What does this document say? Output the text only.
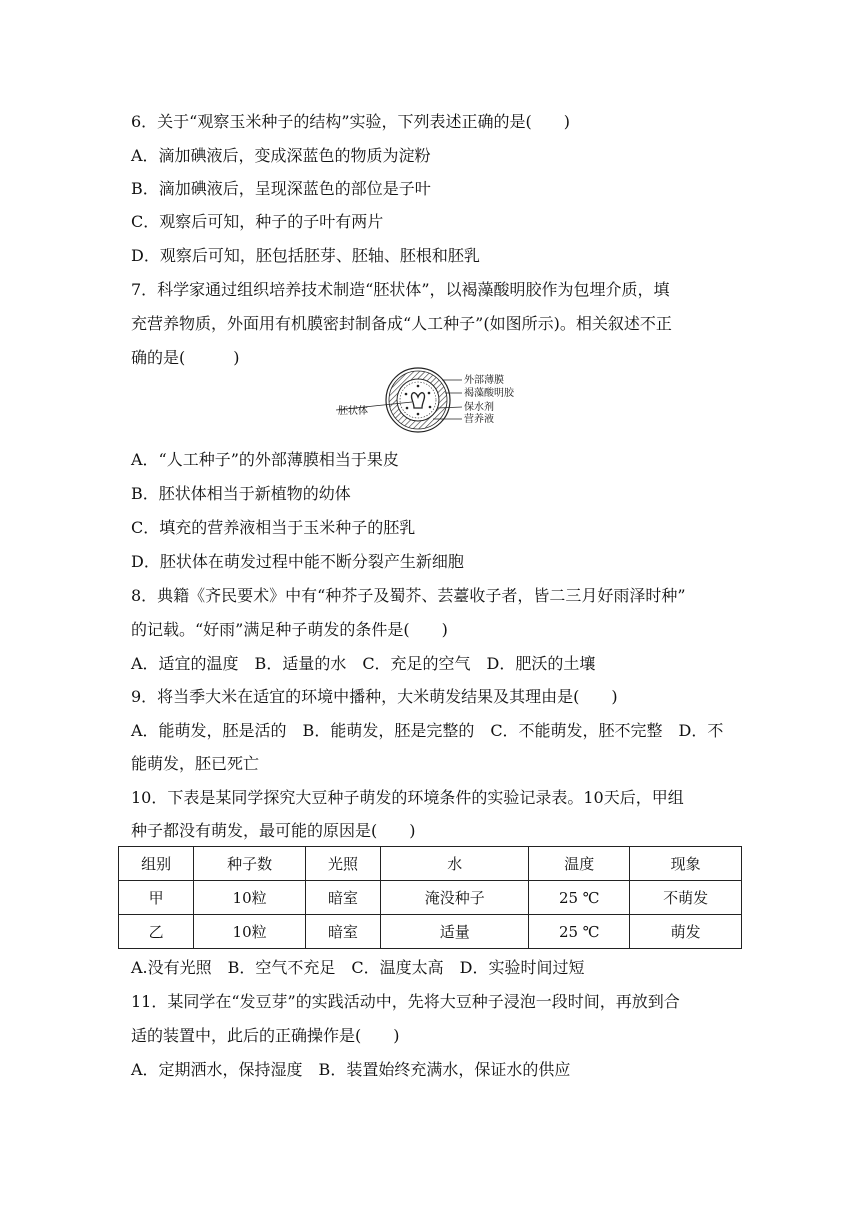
6．关于“观察玉米种子的结构”实验，下列表述正确的是(　　)
A．滴加碘液后，变成深蓝色的物质为淀粉
B．滴加碘液后，呈现深蓝色的部位是子叶
C．观察后可知，种子的子叶有两片
D．观察后可知，胚包括胚芽、胚轴、胚根和胚乳
7．科学家通过组织培养技术制造“胚状体”，以褐藻酸明胶作为包埋介质，填
充营养物质，外面用有机膜密封制备成“人工种子”(如图所示)。相关叙述不正
确的是(　　　)
胚状体
外部薄膜
褐藻酸明胶
保水剂
营养液
A．“人工种子”的外部薄膜相当于果皮
B．胚状体相当于新植物的幼体
C．填充的营养液相当于玉米种子的胚乳
D．胚状体在萌发过程中能不断分裂产生新细胞
8．典籍《齐民要术》中有“种芥子及蜀芥、芸薹收子者，皆二三月好雨泽时种”
的记载。“好雨”满足种子萌发的条件是(　　)
A．适宜的温度　B．适量的水　C．充足的空气　D．肥沃的土壤
9．将当季大米在适宜的环境中播种，大米萌发结果及其理由是(　　)
A．能萌发，胚是活的　B．能萌发，胚是完整的　C．不能萌发，胚不完整　D．不
能萌发，胚已死亡
10．下表是某同学探究大豆种子萌发的环境条件的实验记录表。10天后，甲组
种子都没有萌发，最可能的原因是(　　)
组别	种子数	光照	水	温度	现象
甲	10粒	暗室	淹没种子	25 ℃	不萌发
乙	10粒	暗室	适量	25 ℃	萌发
A.没有光照　B．空气不充足　C．温度太高　D．实验时间过短
11．某同学在“发豆芽”的实践活动中，先将大豆种子浸泡一段时间，再放到合
适的装置中，此后的正确操作是(　　)
A．定期洒水，保持湿度　B．装置始终充满水，保证水的供应
